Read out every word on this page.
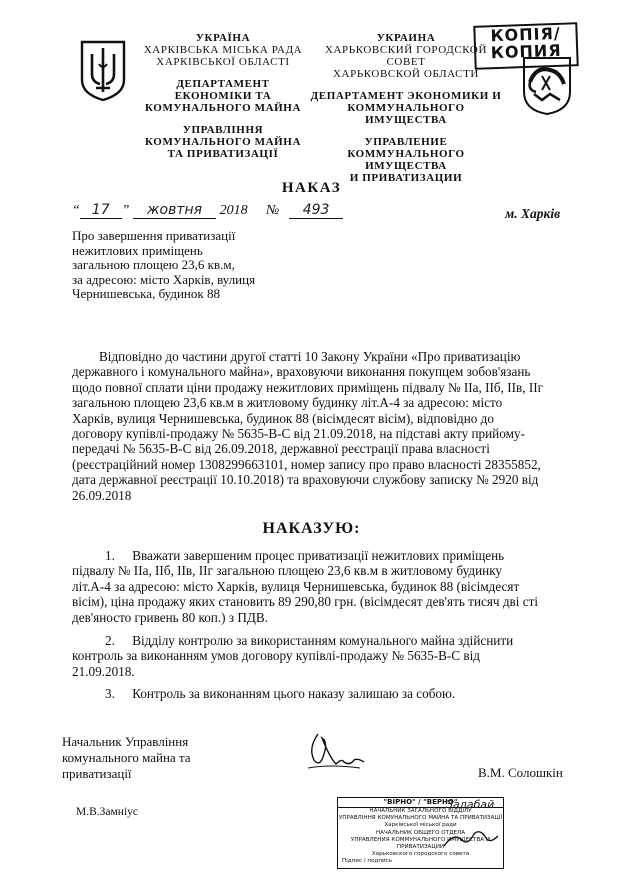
УКРАЇНА
ХАРКІВСЬКА МІСЬКА РАДА
ХАРКІВСЬКОЇ ОБЛАСТІ
ДЕПАРТАМЕНТ
ЕКОНОМІКИ ТА
КОМУНАЛЬНОГО МАЙНА
УПРАВЛІННЯ
КОМУНАЛЬНОГО МАЙНА
ТА ПРИВАТИЗАЦІЇ
УКРАИНА
ХАРЬКОВСКИЙ ГОРОДСКОЙ
СОВЕТ
ХАРЬКОВСКОЙ ОБЛАСТИ
ДЕПАРТАМЕНТ ЭКОНОМИКИ И
КОММУНАЛЬНОГО ИМУЩЕСТВА
УПРАВЛЕНИЕ
КОММУНАЛЬНОГО ИМУЩЕСТВА
И ПРИВАТИЗАЦИИ
КОПІЯ/
КОПИЯ
НАКАЗ
“ 17 ” жовтня 2018 № 493	м. Харків
Про завершення приватизації
нежитлових приміщень
загальною площею 23,6 кв.м,
за адресою: місто Харків, вулиця
Чернишевська, будинок 88
Відповідно до частини другої статті 10 Закону України «Про приватизацію
державного і комунального майна», враховуючи виконання покупцем зобов'язань
щодо повної сплати ціни продажу нежитлових приміщень підвалу № IIа, IIб, IIв, IIг
загальною площею 23,6 кв.м в житловому будинку літ.А-4 за адресою: місто
Харків, вулиця Чернишевська, будинок 88 (вісімдесят вісім), відповідно до
договору купівлі-продажу № 5635-В-С від 21.09.2018, на підставі акту прийому-
передачі № 5635-В-С від 26.09.2018, державної реєстрації права власності
(реєстраційний номер 1308299663101, номер запису про право власності 28355852,
дата державної реєстрації 10.10.2018) та враховуючи службову записку № 2920 від
26.09.2018
НАКАЗУЮ:
1. Вважати завершеним процес приватизації нежитлових приміщень
підвалу № IIа, IIб, IIв, IIг загальною площею 23,6 кв.м в житловому будинку
літ.А-4 за адресою: місто Харків, вулиця Чернишевська, будинок 88 (вісімдесят
вісім), ціна продажу яких становить 89 290,80 грн. (вісімдесят дев'ять тисяч дві сті
дев'яносто гривень 80 коп.) з ПДВ.
2. Відділу контролю за використанням комунального майна здійснити
контроль за виконанням умов договору купівлі-продажу № 5635-В-С від
21.09.2018.
3. Контроль за виконанням цього наказу залишаю за собою.
Начальник Управління
комунального майна та
приватизації	В.М. Солошкін
М.В.Замніус
"ВІРНО" / "ВЕРНО"
НАЧАЛЬНИК ЗАГАЛЬНОГО ВІДДІЛУ
УПРАВЛІННЯ КОМУНАЛЬНОГО МАЙНА ТА ПРИВАТИЗАЦІЇ
Харківської міської ради
НАЧАЛЬНИК ОБЩЕГО ОТДЕЛА
УПРАВЛЕНИЯ КОММУНАЛЬНОГО ИМУЩЕСТВА И ПРИВАТИЗАЦИИ
Харьковского городского совета
Підпис / подпись
Залабай
